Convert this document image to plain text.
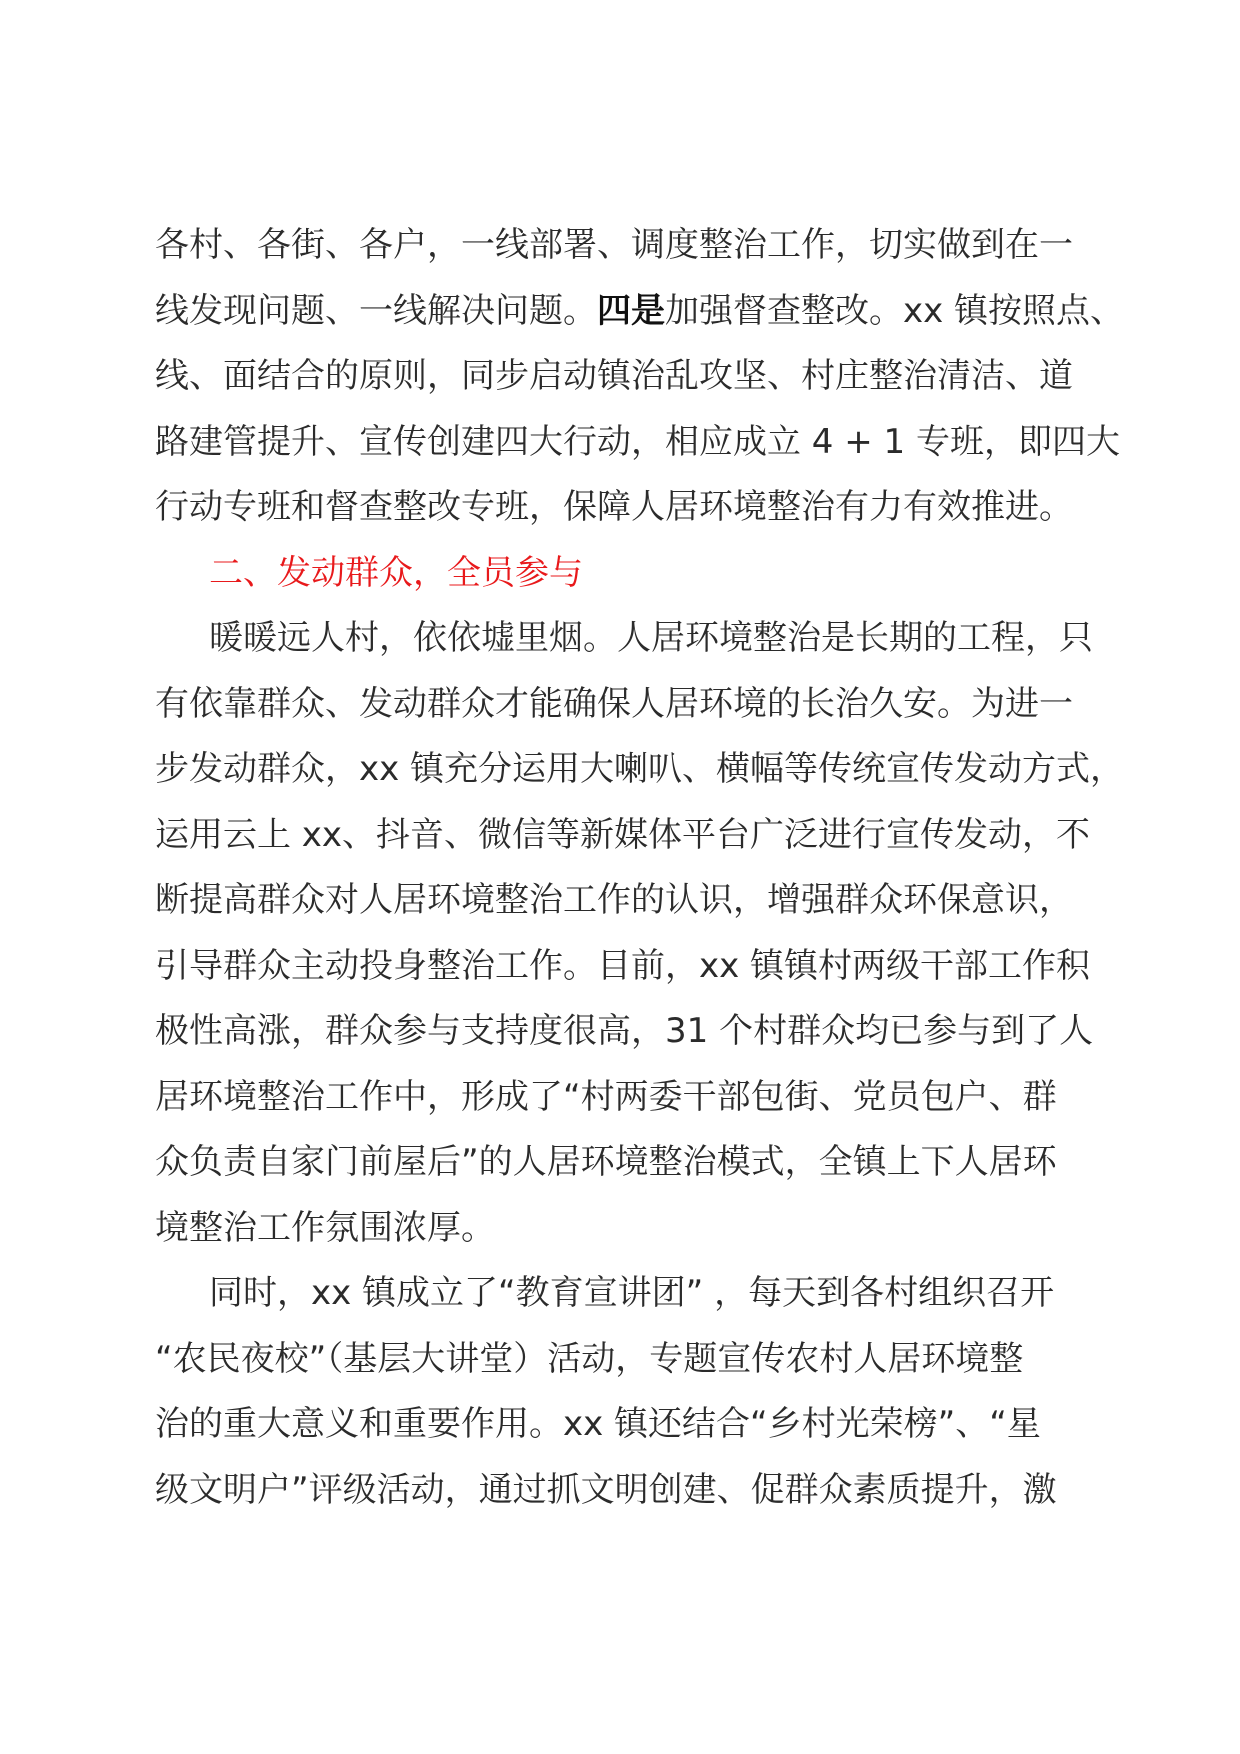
各村、各街、各户，一线部署、调度整治工作，切实做到在一
线发现问题、一线解决问题。四是加强督查整改。xx 镇按照点、
线、面结合的原则，同步启动镇治乱攻坚、村庄整治清洁、道
路建管提升、宣传创建四大行动，相应成立 4 + 1 专班，即四大
行动专班和督查整改专班，保障人居环境整治有力有效推进。

二、发动群众，全员参与

暖暖远人村，依依墟里烟。人居环境整治是长期的工程，只
有依靠群众、发动群众才能确保人居环境的长治久安。为进一
步发动群众，xx 镇充分运用大喇叭、横幅等传统宣传发动方式，
运用云上 xx、抖音、微信等新媒体平台广泛进行宣传发动，不
断提高群众对人居环境整治工作的认识，增强群众环保意识，
引导群众主动投身整治工作。目前，xx 镇镇村两级干部工作积
极性高涨，群众参与支持度很高，31 个村群众均已参与到了人
居环境整治工作中，形成了“村两委干部包街、党员包户、群
众负责自家门前屋后”的人居环境整治模式，全镇上下人居环
境整治工作氛围浓厚。

同时，xx 镇成立了“教育宣讲团” ，每天到各村组织召开
“农民夜校”（基层大讲堂）活动，专题宣传农村人居环境整
治的重大意义和重要作用。xx 镇还结合“乡村光荣榜”、“星
级文明户”评级活动，通过抓文明创建、促群众素质提升，激
